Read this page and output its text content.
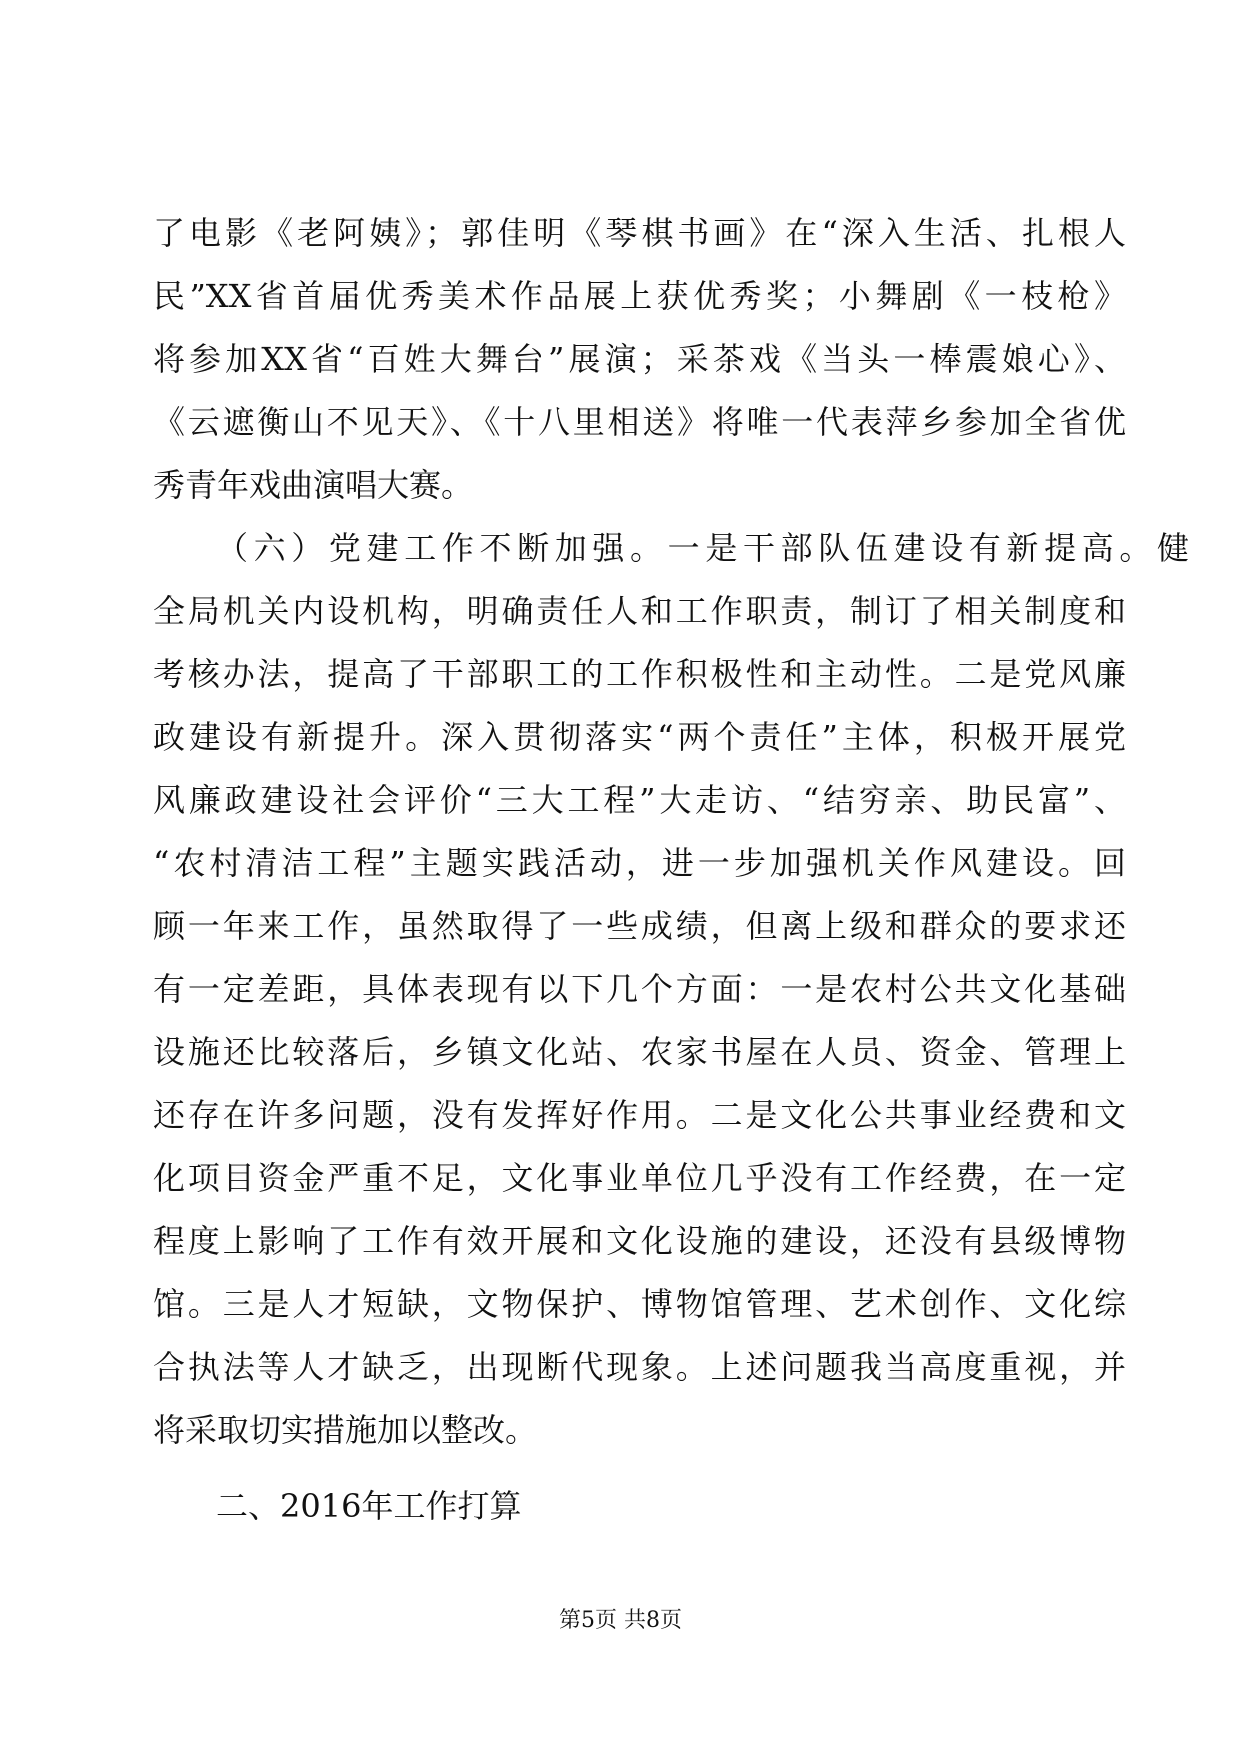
了电影《老阿姨》；郭佳明《琴棋书画》在“深入生活、扎根人
民”XX省首届优秀美术作品展上获优秀奖；小舞剧《一枝枪》
将参加XX省“百姓大舞台”展演；采茶戏《当头一棒震娘心》、
《云遮衡山不见天》、《十八里相送》将唯一代表萍乡参加全省优
秀青年戏曲演唱大赛。
（六）党建工作不断加强。一是干部队伍建设有新提高。健
全局机关内设机构，明确责任人和工作职责，制订了相关制度和
考核办法，提高了干部职工的工作积极性和主动性。二是党风廉
政建设有新提升。深入贯彻落实“两个责任”主体，积极开展党
风廉政建设社会评价“三大工程”大走访、“结穷亲、助民富”、
“农村清洁工程”主题实践活动，进一步加强机关作风建设。回
顾一年来工作，虽然取得了一些成绩，但离上级和群众的要求还
有一定差距，具体表现有以下几个方面：一是农村公共文化基础
设施还比较落后，乡镇文化站、农家书屋在人员、资金、管理上
还存在许多问题，没有发挥好作用。二是文化公共事业经费和文
化项目资金严重不足，文化事业单位几乎没有工作经费，在一定
程度上影响了工作有效开展和文化设施的建设，还没有县级博物
馆。三是人才短缺，文物保护、博物馆管理、艺术创作、文化综
合执法等人才缺乏，出现断代现象。上述问题我当高度重视，并
将采取切实措施加以整改。
二、2016年工作打算
第5页 共8页
